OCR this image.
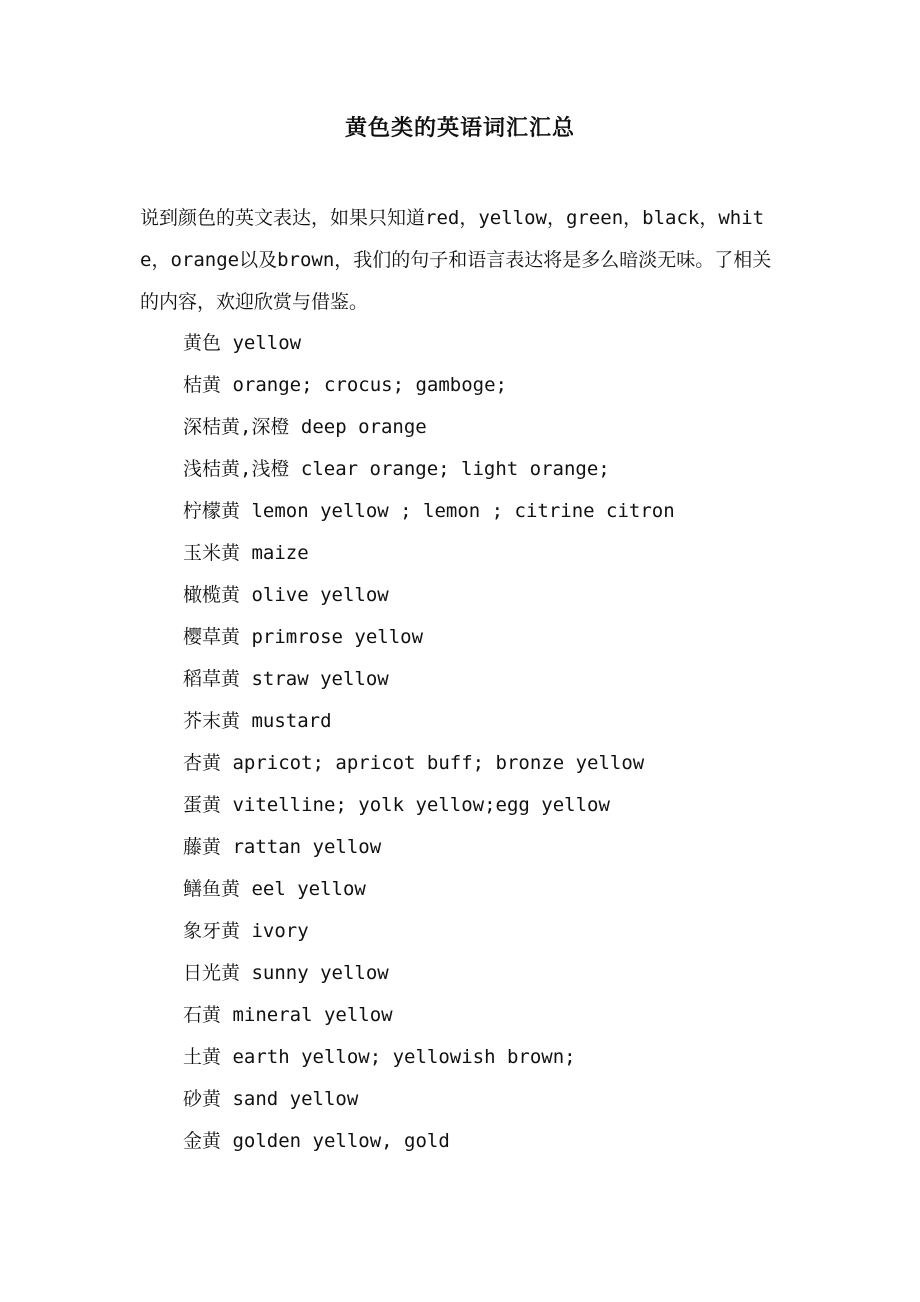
黄色类的英语词汇汇总
说到颜色的英文表达，如果只知道red，yellow，green，black，white，orange以及brown，我们的句子和语言表达将是多么暗淡无味。了相关的内容，欢迎欣赏与借鉴。
黄色 yellow
桔黄 orange; crocus; gamboge;
深桔黄,深橙 deep orange
浅桔黄,浅橙 clear orange; light orange;
柠檬黄 lemon yellow ; lemon ; citrine citron
玉米黄 maize
橄榄黄 olive yellow
樱草黄 primrose yellow
稻草黄 straw yellow
芥末黄 mustard
杏黄 apricot; apricot buff; bronze yellow
蛋黄 vitelline; yolk yellow;egg yellow
藤黄 rattan yellow
鳝鱼黄 eel yellow
象牙黄 ivory
日光黄 sunny yellow
石黄 mineral yellow
土黄 earth yellow; yellowish brown;
砂黄 sand yellow
金黄 golden yellow, gold
